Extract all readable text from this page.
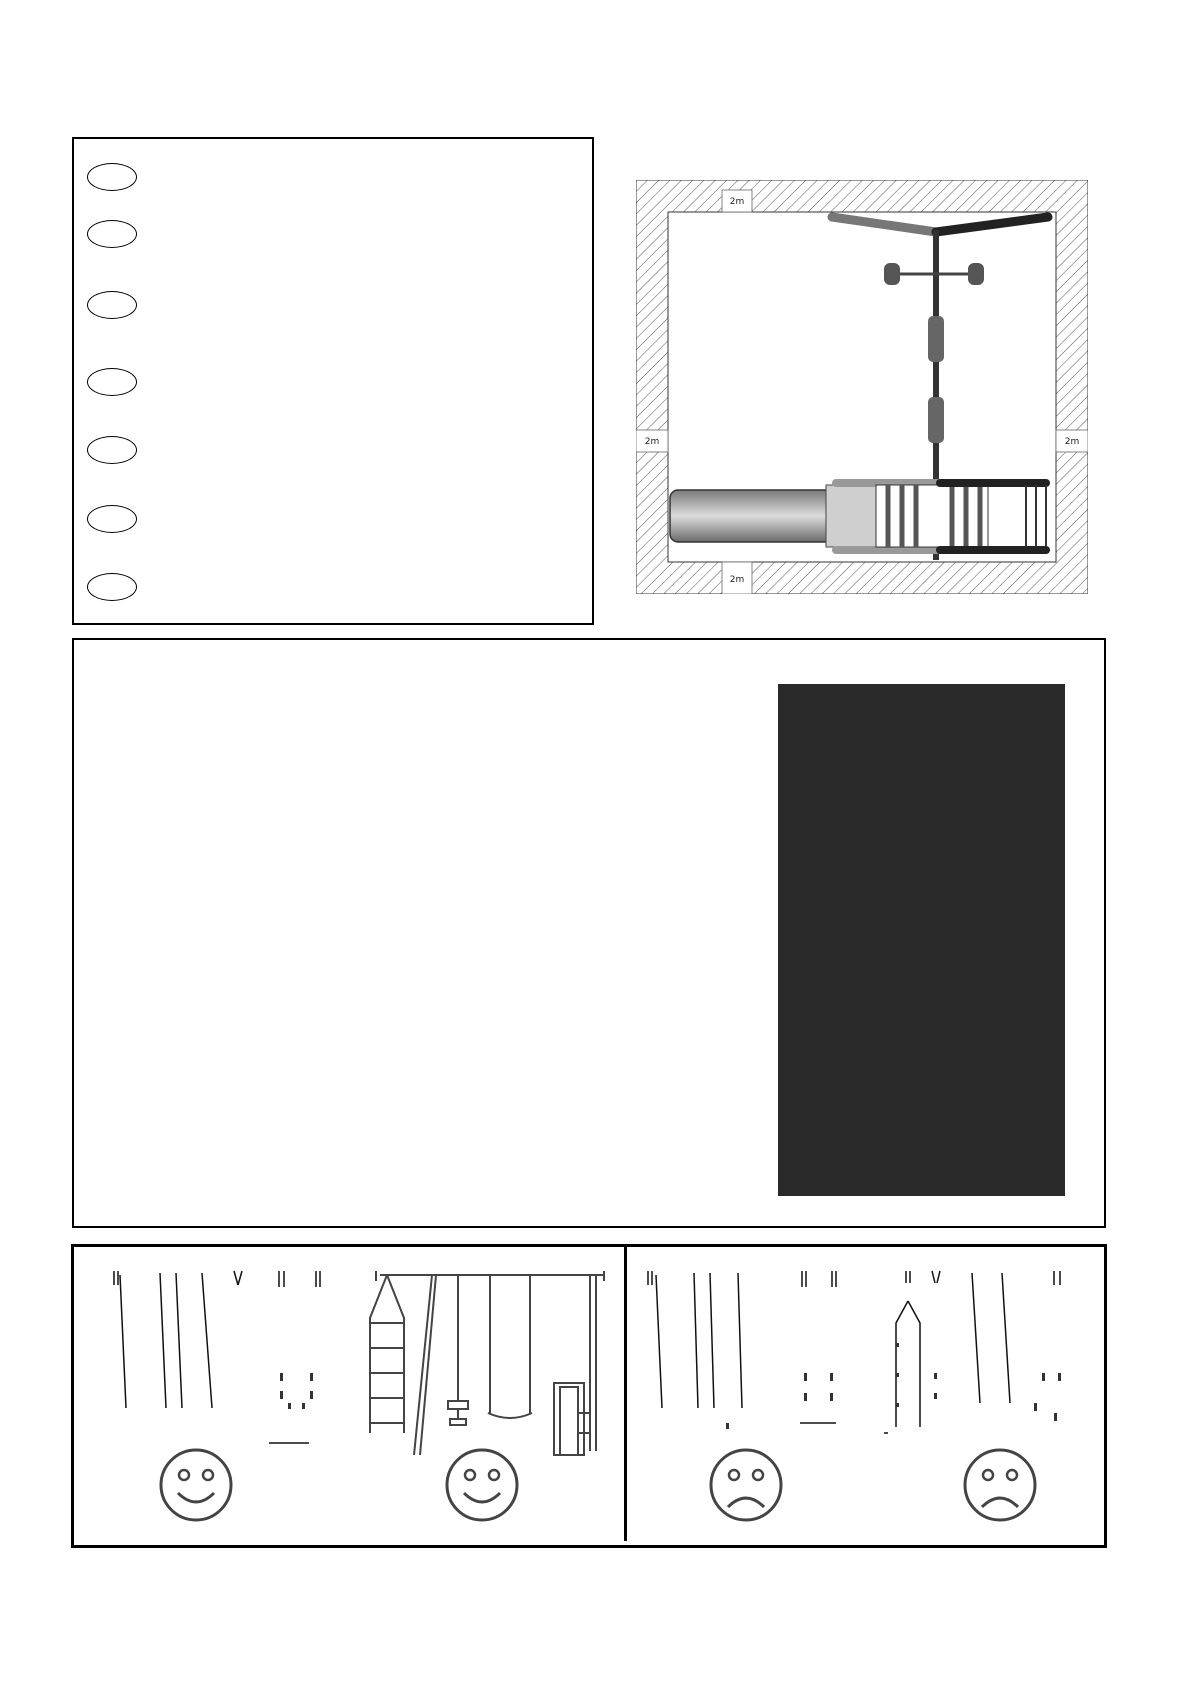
2m
2m	2m
2m
